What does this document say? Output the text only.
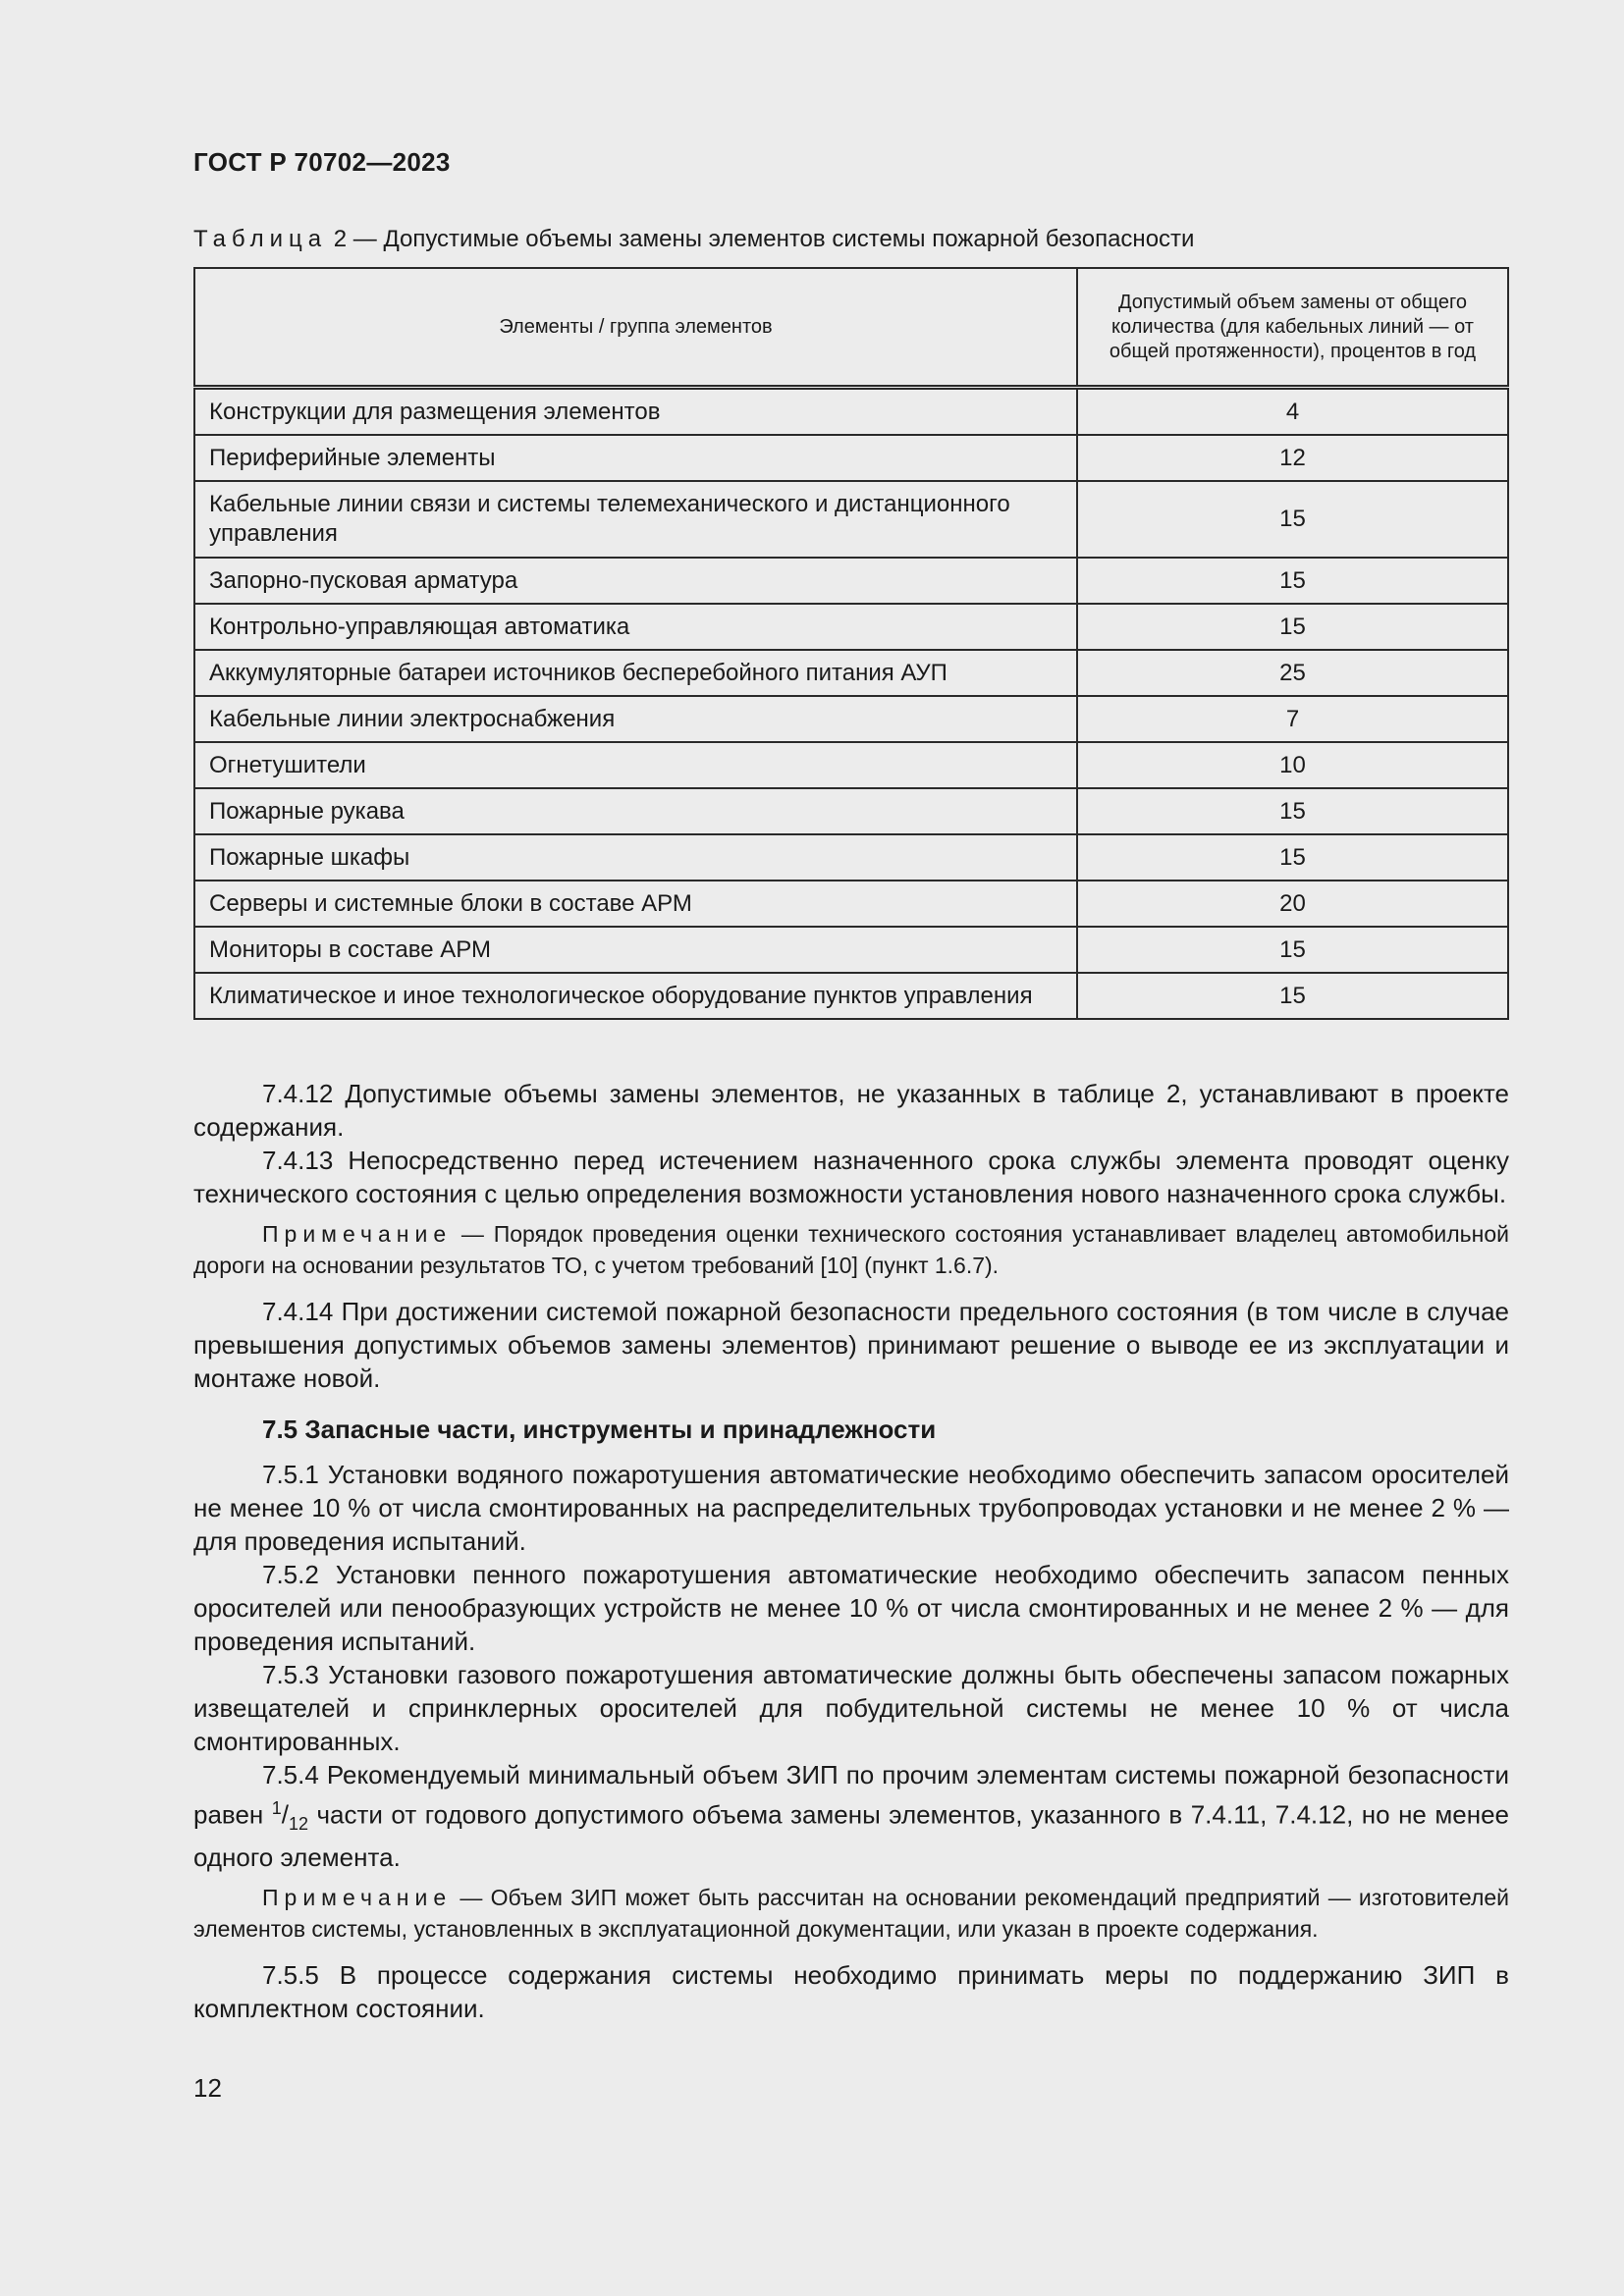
ГОСТ Р 70702—2023
Таблица 2 — Допустимые объемы замены элементов системы пожарной безопасности
Элементы / группа элементов	Допустимый объем замены от общего количества (для кабельных линий — от общей протяженности), процентов в год
Конструкции для размещения элементов	4
Периферийные элементы	12
Кабельные линии связи и системы телемеханического и дистанционного управления	15
Запорно-пусковая арматура	15
Контрольно-управляющая автоматика	15
Аккумуляторные батареи источников бесперебойного питания АУП	25
Кабельные линии электроснабжения	7
Огнетушители	10
Пожарные рукава	15
Пожарные шкафы	15
Серверы и системные блоки в составе АРМ	20
Мониторы в составе АРМ	15
Климатическое и иное технологическое оборудование пунктов управления	15

7.4.12 Допустимые объемы замены элементов, не указанных в таблице 2, устанавливают в проекте содержания.

7.4.13 Непосредственно перед истечением назначенного срока службы элемента проводят оценку технического состояния с целью определения возможности установления нового назначенного срока службы.

Примечание — Порядок проведения оценки технического состояния устанавливает владелец автомобильной дороги на основании результатов ТО, с учетом требований [10] (пункт 1.6.7).

7.4.14 При достижении системой пожарной безопасности предельного состояния (в том числе в случае превышения допустимых объемов замены элементов) принимают решение о выводе ее из эксплуатации и монтаже новой.

7.5 Запасные части, инструменты и принадлежности

7.5.1 Установки водяного пожаротушения автоматические необходимо обеспечить запасом оросителей не менее 10 % от числа смонтированных на распределительных трубопроводах установки и не менее 2 % — для проведения испытаний.

7.5.2 Установки пенного пожаротушения автоматические необходимо обеспечить запасом пенных оросителей или пенообразующих устройств не менее 10 % от числа смонтированных и не менее 2 % — для проведения испытаний.

7.5.3 Установки газового пожаротушения автоматические должны быть обеспечены запасом пожарных извещателей и спринклерных оросителей для побудительной системы не менее 10 % от числа смонтированных.

7.5.4 Рекомендуемый минимальный объем ЗИП по прочим элементам системы пожарной безопасности равен $^1/_{12}$ части от годового допустимого объема замены элементов, указанного в 7.4.11, 7.4.12, но не менее одного элемента.

Примечание — Объем ЗИП может быть рассчитан на основании рекомендаций предприятий — изготовителей элементов системы, установленных в эксплуатационной документации, или указан в проекте содержания.

7.5.5 В процессе содержания системы необходимо принимать меры по поддержанию ЗИП в комплектном состоянии.

12
